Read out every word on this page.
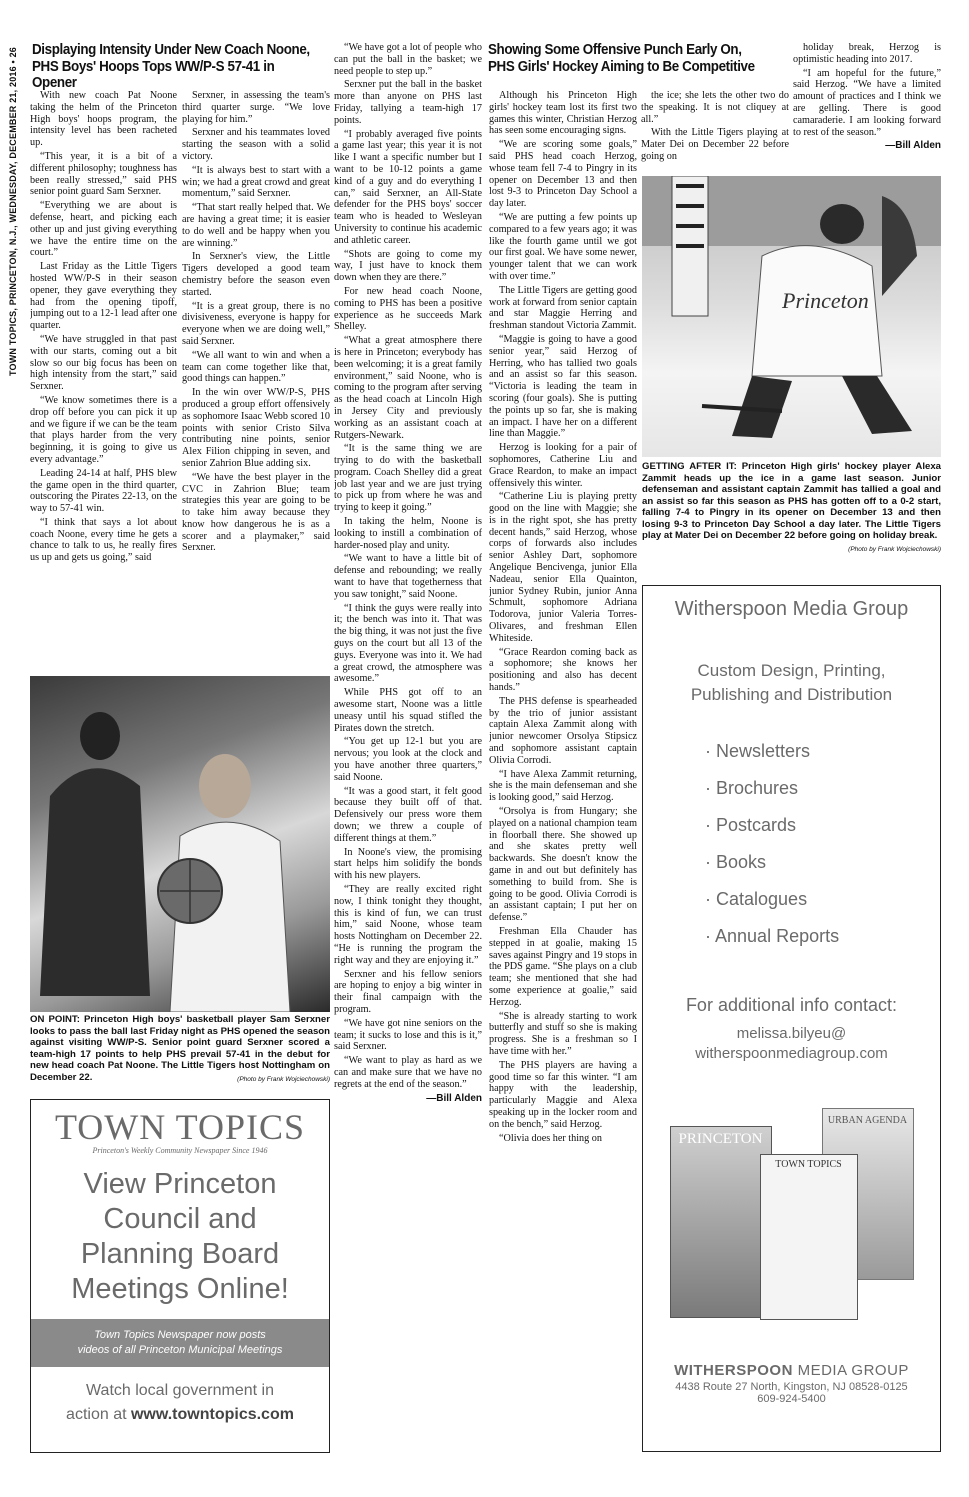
TOWN TOPICS, PRINCETON, N.J., WEDNESDAY, DECEMBER 21, 2016 • 26 Displaying Intensity Under New Coach Noone,
PHS Boys' Hoops Tops WW/P-S 57-41 in Opener

With new coach Pat Noone taking the helm of the Princeton High boys' hoops program, the intensity level has been racheted up.

“This year, it is a bit of a different philosophy; toughness has been really stressed,” said PHS senior point guard Sam Serxner.

“Everything we are about is defense, heart, and picking each other up and just giving everything we have the entire time on the court.”

Last Friday as the Little Tigers hosted WW/P-S in their season opener, they gave everything they had from the opening tipoff, jumping out to a 12-1 lead after one quarter.

“We have struggled in that past with our starts, coming out a bit slow so our big focus has been on high intensity from the start,” said Serxner.

“We know sometimes there is a drop off before you can pick it up and we figure if we can be the team that plays harder from the very beginning, it is going to give us every advantage.”

Leading 24-14 at half, PHS blew the game open in the third quarter, outscoring the Pirates 22-13, on the way to 57-41 win.

“I think that says a lot about coach Noone, every time he gets a chance to talk to us, he really fires us up and gets us going,” said

Serxner, in assessing the team's third quarter surge. “We love playing for him.”

Serxner and his teammates loved starting the season with a solid victory.

“It is always best to start with a win; we had a great crowd and great momentum,” said Serxner.

“That start really helped that. We are having a great time; it is easier to do well and be happy when you are winning.”

In Serxner's view, the Little Tigers developed a good team chemistry before the season even started.

“It is a great group, there is no divisiveness, everyone is happy for everyone when we are doing well,” said Serxner.

“We all want to win and when a team can come together like that, good things can happen.”

In the win over WW/P-S, PHS produced a group effort offensively as sophomore Isaac Webb scored 10 points with senior Cristo Silva contributing nine points, senior Alex Filion chipping in seven, and senior Zahrion Blue adding six.

“We have the best player in the CVC in Zahrion Blue; team strategies this year are going to be to take him away because they know how dangerous he is as a scorer and a playmaker,” said Serxner.

“We have got a lot of people who can put the ball in the basket; we need people to step up.”

Serxner put the ball in the basket more than anyone on PHS last Friday, tallying a team-high 17 points.

“I probably averaged five points a game last year; this year it is not like I want a specific number but I want to be 10-12 points a game kind of a guy and do everything I can,” said Serxner, an All-State defender for the PHS boys' soccer team who is headed to Wesleyan University to continue his academic and athletic career.

“Shots are going to come my way, I just have to knock them down when they are there.”

For new head coach Noone, coming to PHS has been a positive experience as he succeeds Mark Shelley.

“What a great atmosphere there is here in Princeton; everybody has been welcoming; it is a great family environment,” said Noone, who is coming to the program after serving as the head coach at Lincoln High in Jersey City and previously working as an assistant coach at Rutgers-Newark.

“It is the same thing we are trying to do with the basketball program. Coach Shelley did a great job last year and we are just trying to pick up from where he was and trying to keep it going.”

In taking the helm, Noone is looking to instill a combination of harder-nosed play and unity.

“We want to have a little bit of defense and rebounding; we really want to have that togetherness that you saw tonight,” said Noone.

“I think the guys were really into it; the bench was into it. That was the big thing, it was not just the five guys on the court but all 13 of the guys. Everyone was into it. We had a great crowd, the atmosphere was awesome.”

While PHS got off to an awesome start, Noone was a little uneasy until his squad stifled the Pirates down the stretch.

“You get up 12-1 but you are nervous; you look at the clock and you have another three quarters,” said Noone.

“It was a good start, it felt good because they built off of that. Defensively our press wore them down; we threw a couple of different things at them.”

In Noone's view, the promising start helps him solidify the bonds with his new players.

“They are really excited right now, I think tonight they thought, this is kind of fun, we can trust him,” said Noone, whose team hosts Nottingham on December 22. “He is running the program the right way and they are enjoying it.”

Serxner and his fellow seniors are hoping to enjoy a big winter in their final campaign with the program.

“We have got nine seniors on the team; it sucks to lose and this is it,” said Serxner.

“We want to play as hard as we can and make sure that we have no regrets at the end of the season.”

—Bill Alden
ON POINT: Princeton High boys' basketball player Sam Serxner looks to pass the ball last Friday night as PHS opened the season against visiting WW/P-S. Senior point guard Serxner scored a team-high 17 points to help PHS prevail 57-41 in the debut for new head coach Pat Noone. The Little Tigers host Nottingham on December 22.	(Photo by Frank Wojciechowski)
TOWN TOPICS
Princeton's Weekly Community Newspaper Since 1946
View Princeton
Council and
Planning Board
Meetings Online!
Town Topics Newspaper now posts
videos of all Princeton Municipal Meetings
Watch local government in
action at www.towntopics.com
Showing Some Offensive Punch Early On,
PHS Girls' Hockey Aiming to Be Competitive

Although his Princeton High girls' hockey team lost its first two games this winter, Christian Herzog has seen some encouraging signs.

“We are scoring some goals,” said PHS head coach Herzog, whose team fell 7-4 to Pingry in its opener on December 13 and then lost 9-3 to Princeton Day School a day later.

“We are putting a few points up compared to a few years ago; it was like the fourth game until we got our first goal. We have some newer, younger talent that we can work with over time.”

The Little Tigers are getting good work at forward from senior captain and star Maggie Herring and freshman standout Victoria Zammit.

“Maggie is going to have a good senior year,” said Herzog of Herring, who has tallied two goals and an assist so far this season. “Victoria is leading the team in scoring (four goals). She is putting the points up so far, she is making an impact. I have her on a different line than Maggie.”

Herzog is looking for a pair of sophomores, Catherine Liu and Grace Reardon, to make an impact offensively this winter.

“Catherine Liu is playing pretty good on the line with Maggie; she is in the right spot, she has pretty decent hands,” said Herzog, whose corps of forwards also includes senior Ashley Dart, sophomore Angelique Bencivenga, junior Ella Nadeau, senior Ella Quainton, junior Sydney Rubin, junior Anna Schmult, sophomore Adriana Todorova, junior Valeria Torres-Olivares, and freshman Ellen Whiteside.

“Grace Reardon coming back as a sophomore; she knows her positioning and also has decent hands.”

The PHS defense is spearheaded by the trio of junior assistant captain Alexa Zammit along with junior newcomer Orsolya Stipsicz and sophomore assistant captain Olivia Corrodi.

“I have Alexa Zammit returning, she is the main defenseman and she is looking good,” said Herzog.

“Orsolya is from Hungary; she played on a national champion team in floorball there. She showed up and she skates pretty well backwards. She doesn't know the game in and out but definitely has something to build from. She is going to be good. Olivia Corrodi is an assistant captain; I put her on defense.”

Freshman Ella Chauder has stepped in at goalie, making 15 saves against Pingry and 19 stops in the PDS game. “She plays on a club team; she mentioned that she had some experience at goalie,” said Herzog.

“She is already starting to work butterfly and stuff so she is making progress. She is a freshman so I have time with her.”

The PHS players are having a good time so far this winter. “I am happy with the leadership, particularly Maggie and Alexa speaking up in the locker room and on the bench,” said Herzog.

“Olivia does her thing on

the ice; she lets the other two do the speaking. It is not cliquey at all.”

With the Little Tigers playing at Mater Dei on December 22 before going on

holiday break, Herzog is optimistic heading into 2017.

“I am hopeful for the future,” said Herzog. “We have a limited amount of practices and I think we are gelling. There is good camaraderie. I am looking forward to rest of the season.”

—Bill Alden
Princeton
GETTING AFTER IT: Princeton High girls' hockey player Alexa Zammit heads up the ice in a game last season. Junior defenseman and assistant captain Zammit has tallied a goal and an assist so far this season as PHS has gotten off to a 0-2 start, falling 7-4 to Pingry in its opener on December 13 and then losing 9-3 to Princeton Day School a day later. The Little Tigers play at Mater Dei on December 22 before going on holiday break.
(Photo by Frank Wojciechowski)
Witherspoon Media Group
Custom Design, Printing,
Publishing and Distribution
· Newsletters
· Brochures
· Postcards
· Books
· Catalogues
· Annual Reports
For additional info contact:
melissa.bilyeu@
witherspoonmediagroup.com
PRINCETON
URBAN AGENDA
TOWN TOPICS
WITHERSPOON MEDIA GROUP
4438 Route 27 North, Kingston, NJ 08528-0125
609-924-5400
